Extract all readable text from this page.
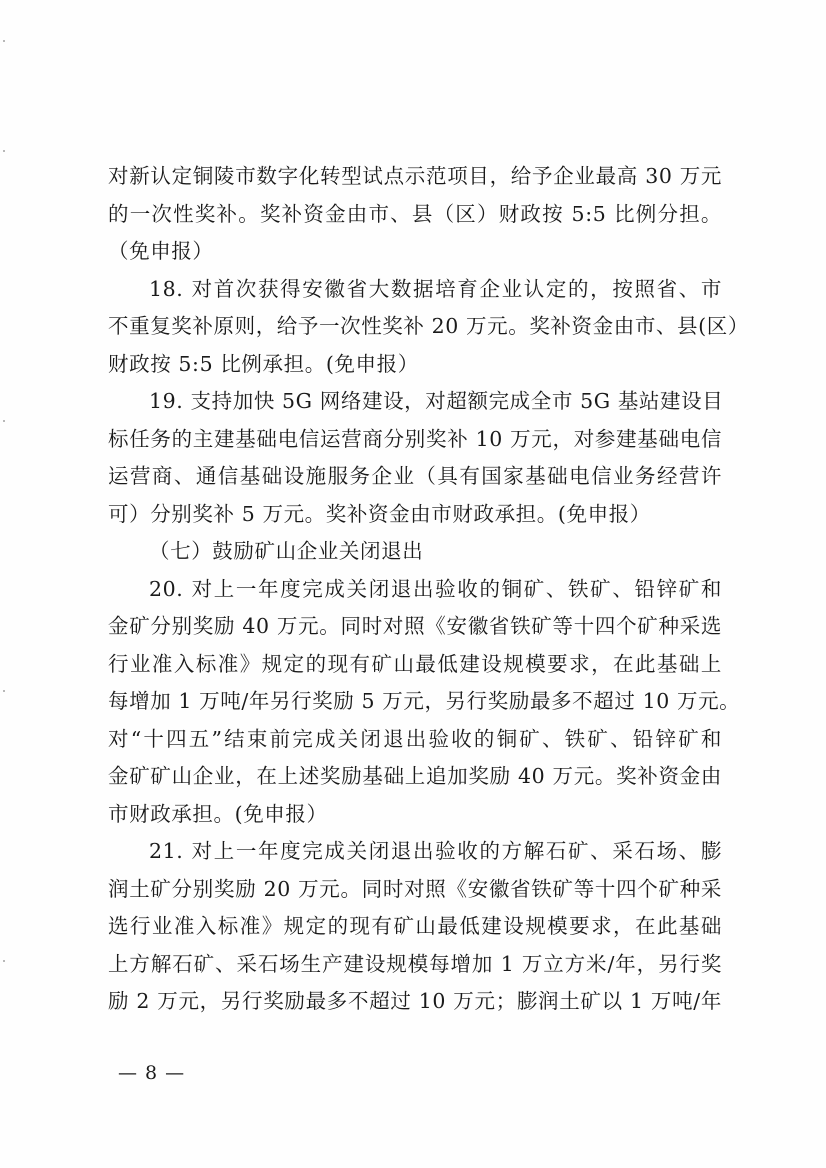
对新认定铜陵市数字化转型试点示范项目，给予企业最高 30 万元
的一次性奖补。奖补资金由市、县（区）财政按 5:5 比例分担。
（免申报）
18. 对首次获得安徽省大数据培育企业认定的，按照省、市
不重复奖补原则，给予一次性奖补 20 万元。奖补资金由市、县(区）
财政按 5:5 比例承担。(免申报）
19. 支持加快 5G 网络建设，对超额完成全市 5G 基站建设目
标任务的主建基础电信运营商分别奖补 10 万元，对参建基础电信
运营商、通信基础设施服务企业（具有国家基础电信业务经营许
可）分别奖补 5 万元。奖补资金由市财政承担。(免申报）
（七）鼓励矿山企业关闭退出
20. 对上一年度完成关闭退出验收的铜矿、铁矿、铅锌矿和
金矿分别奖励 40 万元。同时对照《安徽省铁矿等十四个矿种采选
行业准入标准》规定的现有矿山最低建设规模要求，在此基础上
每增加 1 万吨/年另行奖励 5 万元，另行奖励最多不超过 10 万元。
对“十四五”结束前完成关闭退出验收的铜矿、铁矿、铅锌矿和
金矿矿山企业，在上述奖励基础上追加奖励 40 万元。奖补资金由
市财政承担。(免申报）
21. 对上一年度完成关闭退出验收的方解石矿、采石场、膨
润土矿分别奖励 20 万元。同时对照《安徽省铁矿等十四个矿种采
选行业准入标准》规定的现有矿山最低建设规模要求，在此基础
上方解石矿、采石场生产建设规模每增加 1 万立方米/年，另行奖
励 2 万元，另行奖励最多不超过 10 万元；膨润土矿以 1 万吨/年
— 8 —
